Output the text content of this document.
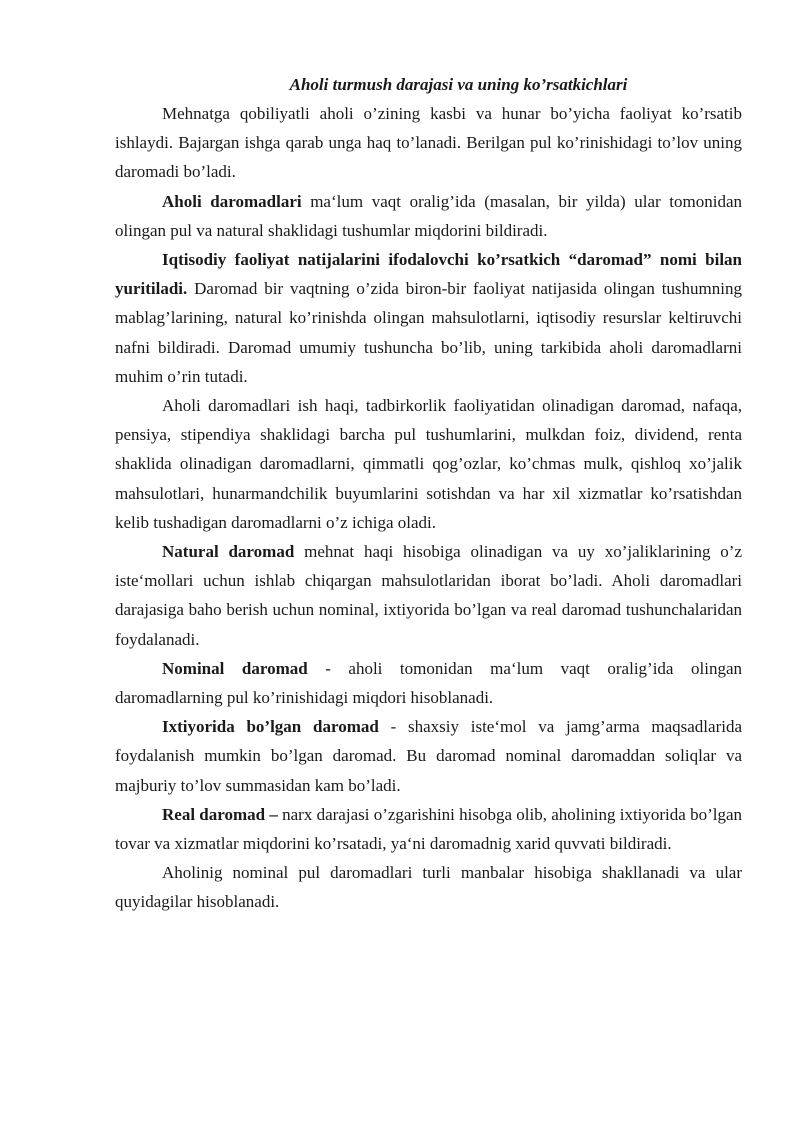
Aholi turmush darajasi va uning ko’rsatkichlari

Mehnatga qobiliyatli aholi o’zining kasbi va hunar bo’yicha faoliyat ko’rsatib ishlaydi. Bajargan ishga qarab unga haq to’lanadi. Berilgan pul ko’rinishidagi to’lov uning daromadi bo’ladi.

Aholi daromadlari ma‘lum vaqt oralig’ida (masalan, bir yilda) ular tomonidan olingan pul va natural shaklidagi tushumlar miqdorini bildiradi.

Iqtisodiy faoliyat natijalarini ifodalovchi ko’rsatkich “daromad” nomi bilan yuritiladi. Daromad bir vaqtning o’zida biron-bir faoliyat natijasida olingan tushumning mablag’larining, natural ko’rinishda olingan mahsulotlarni, iqtisodiy resurslar keltiruvchi nafni bildiradi. Daromad umumiy tushuncha bo’lib, uning tarkibida aholi daromadlarni muhim o’rin tutadi.

Aholi daromadlari ish haqi, tadbirkorlik faoliyatidan olinadigan daromad, nafaqa, pensiya, stipendiya shaklidagi barcha pul tushumlarini, mulkdan foiz, dividend, renta shaklida olinadigan daromadlarni, qimmatli qog’ozlar, ko’chmas mulk, qishloq xo’jalik mahsulotlari, hunarmandchilik buyumlarini sotishdan va har xil xizmatlar ko’rsatishdan kelib tushadigan daromadlarni o’z ichiga oladi.

Natural daromad mehnat haqi hisobiga olinadigan va uy xo’jaliklarining o’z iste‘mollari uchun ishlab chiqargan mahsulotlaridan iborat bo’ladi. Aholi daromadlari darajasiga baho berish uchun nominal, ixtiyorida bo’lgan va real daromad tushunchalaridan foydalanadi.

Nominal daromad - aholi tomonidan ma‘lum vaqt oralig’ida olingan daromadlarning pul ko’rinishidagi miqdori hisoblanadi.

Ixtiyorida bo’lgan daromad - shaxsiy iste‘mol va jamg’arma maqsadlarida foydalanish mumkin bo’lgan daromad. Bu daromad nominal daromaddan soliqlar va majburiy to’lov summasidan kam bo’ladi.

Real daromad – narx darajasi o’zgarishini hisobga olib, aholining ixtiyorida bo’lgan tovar va xizmatlar miqdorini ko’rsatadi, ya‘ni daromadnig xarid quvvati bildiradi.

Aholinig nominal pul daromadlari turli manbalar hisobiga shakllanadi va ular quyidagilar hisoblanadi.
